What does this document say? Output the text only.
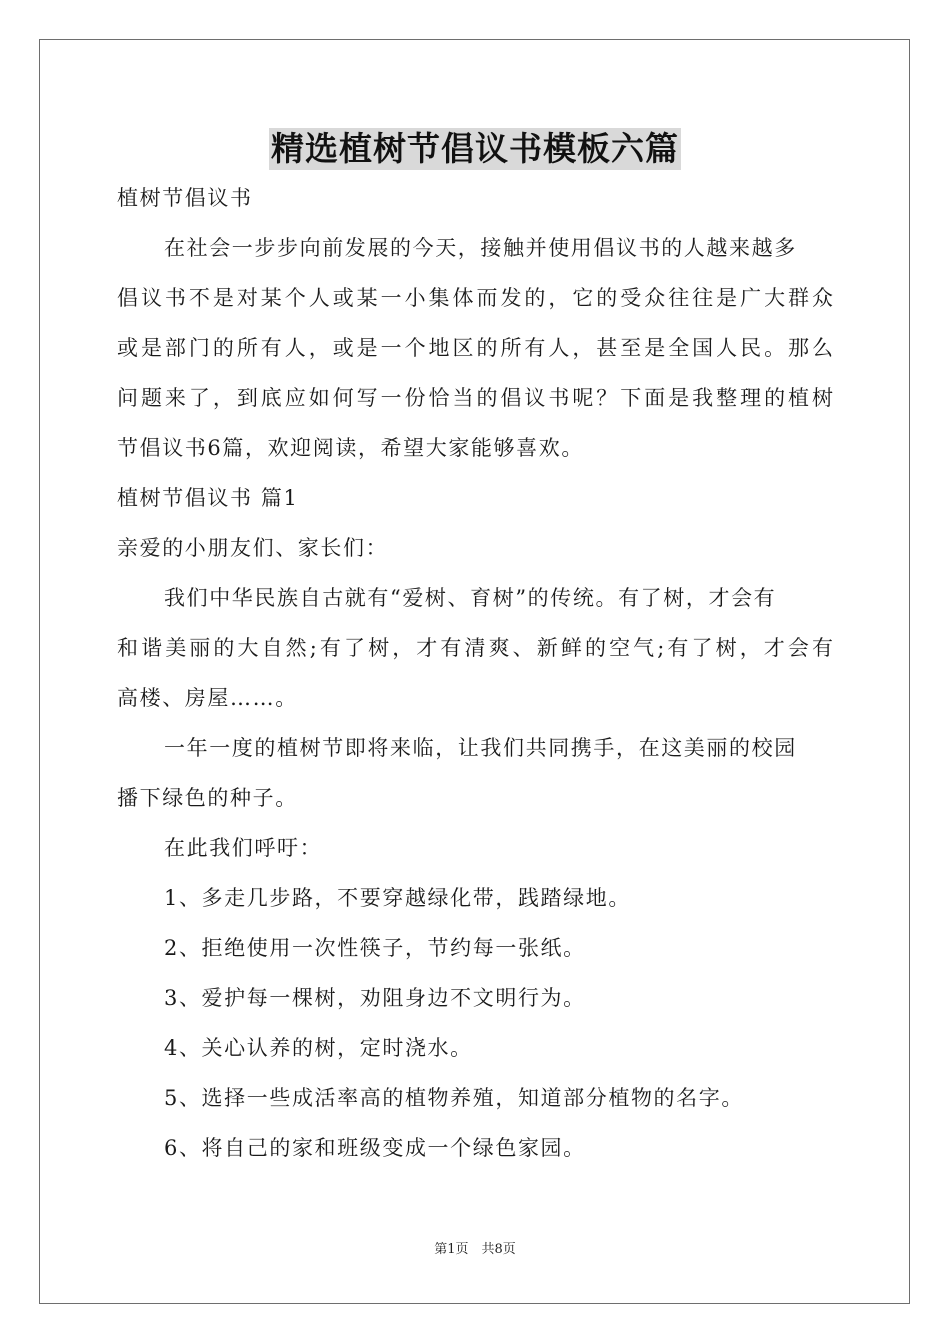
精选植树节倡议书模板六篇
植树节倡议书
在社会一步步向前发展的今天，接触并使用倡议书的人越来越多
倡议书不是对某个人或某一小集体而发的，它的受众往往是广大群众
或是部门的所有人，或是一个地区的所有人，甚至是全国人民。那么
问题来了，到底应如何写一份恰当的倡议书呢？下面是我整理的植树
节倡议书6篇，欢迎阅读，希望大家能够喜欢。
植树节倡议书 篇1
亲爱的小朋友们、家长们：
我们中华民族自古就有“爱树、育树”的传统。有了树，才会有
和谐美丽的大自然;有了树，才有清爽、新鲜的空气;有了树，才会有
高楼、房屋……。
一年一度的植树节即将来临，让我们共同携手，在这美丽的校园
播下绿色的种子。
在此我们呼吁：
1、多走几步路，不要穿越绿化带，践踏绿地。
2、拒绝使用一次性筷子，节约每一张纸。
3、爱护每一棵树，劝阻身边不文明行为。
4、关心认养的树，定时浇水。
5、选择一些成活率高的植物养殖，知道部分植物的名字。
6、将自己的家和班级变成一个绿色家园。
第1页　共8页
